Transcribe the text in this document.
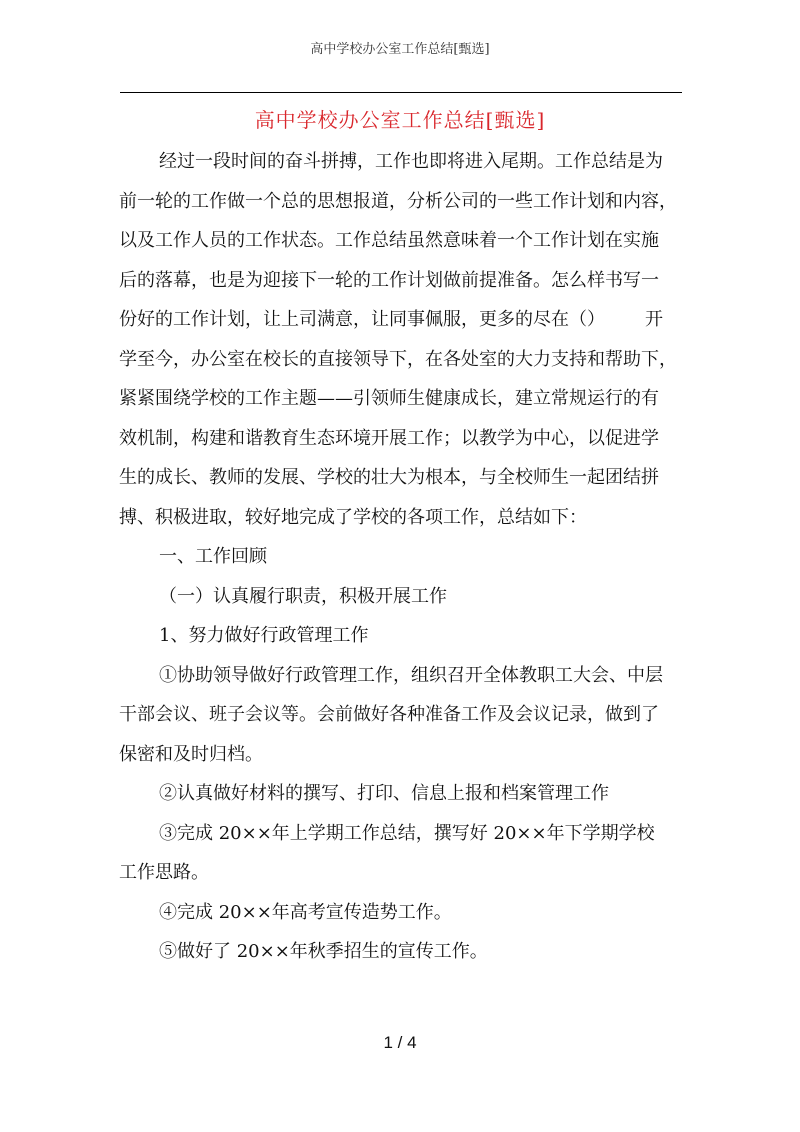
高中学校办公室工作总结[甄选]
高中学校办公室工作总结[甄选]
经过一段时间的奋斗拼搏，工作也即将进入尾期。工作总结是为
前一轮的工作做一个总的思想报道，分析公司的一些工作计划和内容，
以及工作人员的工作状态。工作总结虽然意味着一个工作计划在实施
后的落幕，也是为迎接下一轮的工作计划做前提准备。怎么样书写一
份好的工作计划，让上司满意，让同事佩服，更多的尽在（） 开
学至今，办公室在校长的直接领导下，在各处室的大力支持和帮助下，
紧紧围绕学校的工作主题——引领师生健康成长，建立常规运行的有
效机制，构建和谐教育生态环境开展工作；以教学为中心，以促进学
生的成长、教师的发展、学校的壮大为根本，与全校师生一起团结拼
搏、积极进取，较好地完成了学校的各项工作，总结如下：
一、工作回顾
（一）认真履行职责，积极开展工作
1、努力做好行政管理工作
①协助领导做好行政管理工作，组织召开全体教职工大会、中层
干部会议、班子会议等。会前做好各种准备工作及会议记录，做到了
保密和及时归档。
②认真做好材料的撰写、打印、信息上报和档案管理工作
③完成 20××年上学期工作总结，撰写好 20××年下学期学校
工作思路。
④完成 20××年高考宣传造势工作。
⑤做好了 20××年秋季招生的宣传工作。
1 / 4
